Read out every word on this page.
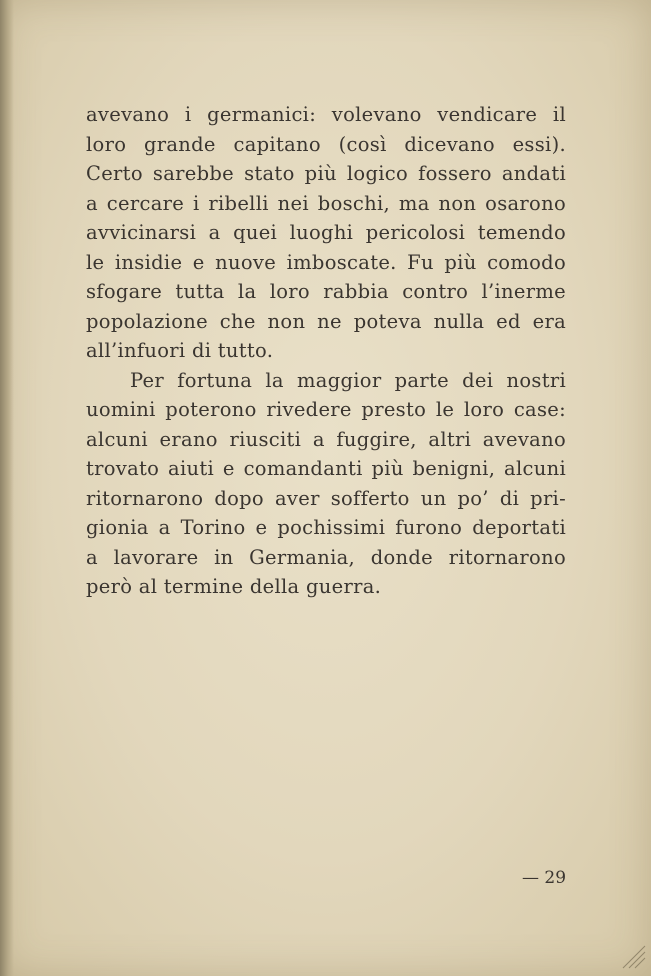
avevano i germanici: volevano vendicare il
loro grande capitano (così dicevano essi).
Certo sarebbe stato più logico fossero andati
a cercare i ribelli nei boschi, ma non osarono
avvicinarsi a quei luoghi pericolosi temendo
le insidie e nuove imboscate. Fu più comodo
sfogare tutta la loro rabbia contro l’inerme
popolazione che non ne poteva nulla ed era
all’infuori di tutto.

Per fortuna la maggior parte dei nostri
uomini poterono rivedere presto le loro case:
alcuni erano riusciti a fuggire, altri avevano
trovato aiuti e comandanti più benigni, alcuni
ritornarono dopo aver sofferto un po’ di pri-
gionia a Torino e pochissimi furono deportati
a lavorare in Germania, donde ritornarono
però al termine della guerra.

— 29
